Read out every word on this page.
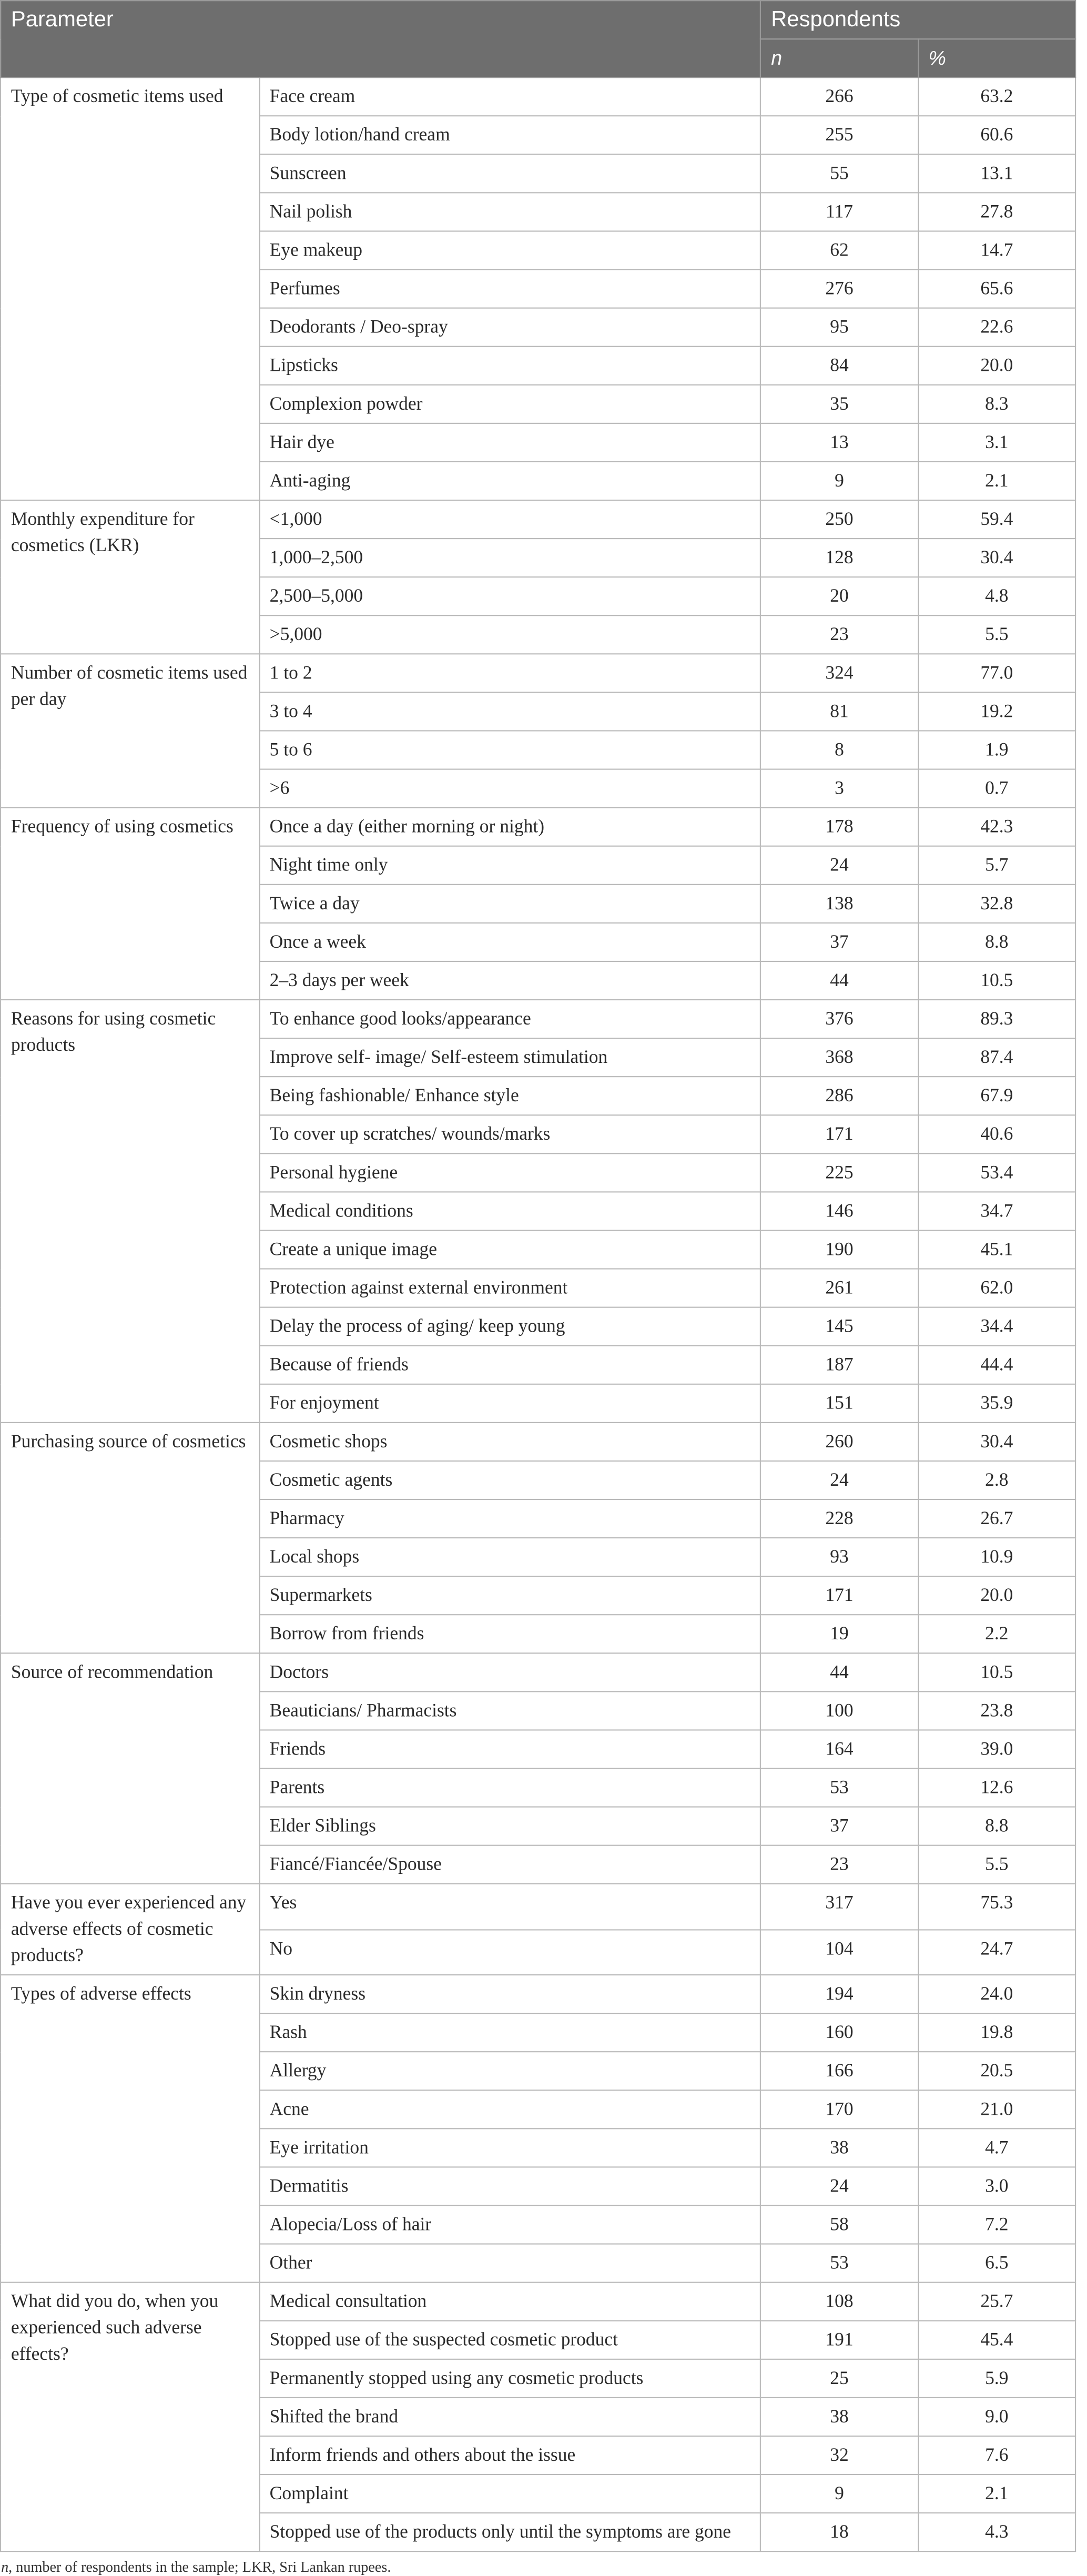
Parameter		Respondents	
		n	%
Type of cosmetic items used	Face cream	266	63.2
	Body lotion/hand cream	255	60.6
	Sunscreen	55	13.1
	Nail polish	117	27.8
	Eye makeup	62	14.7
	Perfumes	276	65.6
	Deodorants / Deo-spray	95	22.6
	Lipsticks	84	20.0
	Complexion powder	35	8.3
	Hair dye	13	3.1
	Anti-aging	9	2.1
Monthly expenditure for cosmetics (LKR)	<1,000	250	59.4
	1,000–2,500	128	30.4
	2,500–5,000	20	4.8
	>5,000	23	5.5
Number of cosmetic items used per day	1 to 2	324	77.0
	3 to 4	81	19.2
	5 to 6	8	1.9
	>6	3	0.7
Frequency of using cosmetics	Once a day (either morning or night)	178	42.3
	Night time only	24	5.7
	Twice a day	138	32.8
	Once a week	37	8.8
	2–3 days per week	44	10.5
Reasons for using cosmetic products	To enhance good looks/appearance	376	89.3
	Improve self- image/ Self-esteem stimulation	368	87.4
	Being fashionable/ Enhance style	286	67.9
	To cover up scratches/ wounds/marks	171	40.6
	Personal hygiene	225	53.4
	Medical conditions	146	34.7
	Create a unique image	190	45.1
	Protection against external environment	261	62.0
	Delay the process of aging/ keep young	145	34.4
	Because of friends	187	44.4
	For enjoyment	151	35.9
Purchasing source of cosmetics	Cosmetic shops	260	30.4
	Cosmetic agents	24	2.8
	Pharmacy	228	26.7
	Local shops	93	10.9
	Supermarkets	171	20.0
	Borrow from friends	19	2.2
Source of recommendation	Doctors	44	10.5
	Beauticians/ Pharmacists	100	23.8
	Friends	164	39.0
	Parents	53	12.6
	Elder Siblings	37	8.8
	Fiancé/Fiancée/Spouse	23	5.5
Have you ever experienced any adverse effects of cosmetic products?	Yes	317	75.3
	No	104	24.7
Types of adverse effects	Skin dryness	194	24.0
	Rash	160	19.8
	Allergy	166	20.5
	Acne	170	21.0
	Eye irritation	38	4.7
	Dermatitis	24	3.0
	Alopecia/Loss of hair	58	7.2
	Other	53	6.5
What did you do, when you experienced such adverse effects?	Medical consultation	108	25.7
	Stopped use of the suspected cosmetic product	191	45.4
	Permanently stopped using any cosmetic products	25	5.9
	Shifted the brand	38	9.0
	Inform friends and others about the issue	32	7.6
	Complaint	9	2.1
	Stopped use of the products only until the symptoms are gone	18	4.3
n, number of respondents in the sample; LKR, Sri Lankan rupees.
